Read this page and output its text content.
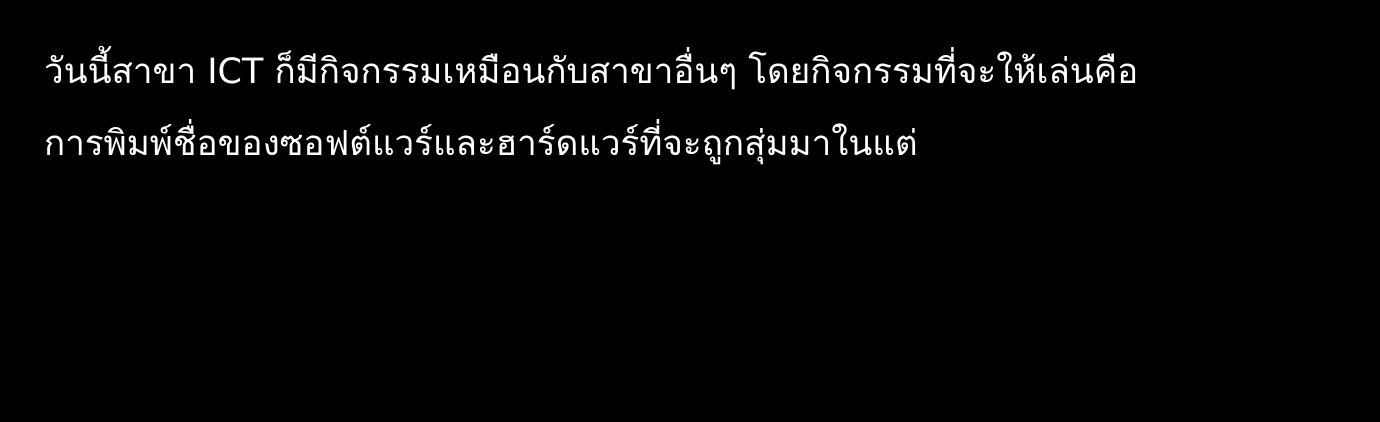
วันนี้สาขา ICT ก็มีกิจกรรมเหมือนกับสาขาอื่นๆ โดยกิจกรรมที่จะให้เล่นคือ
การพิมพ์ชื่อของซอฟต์แวร์และฮาร์ดแวร์ที่จะถูกสุ่มมาในแต่
